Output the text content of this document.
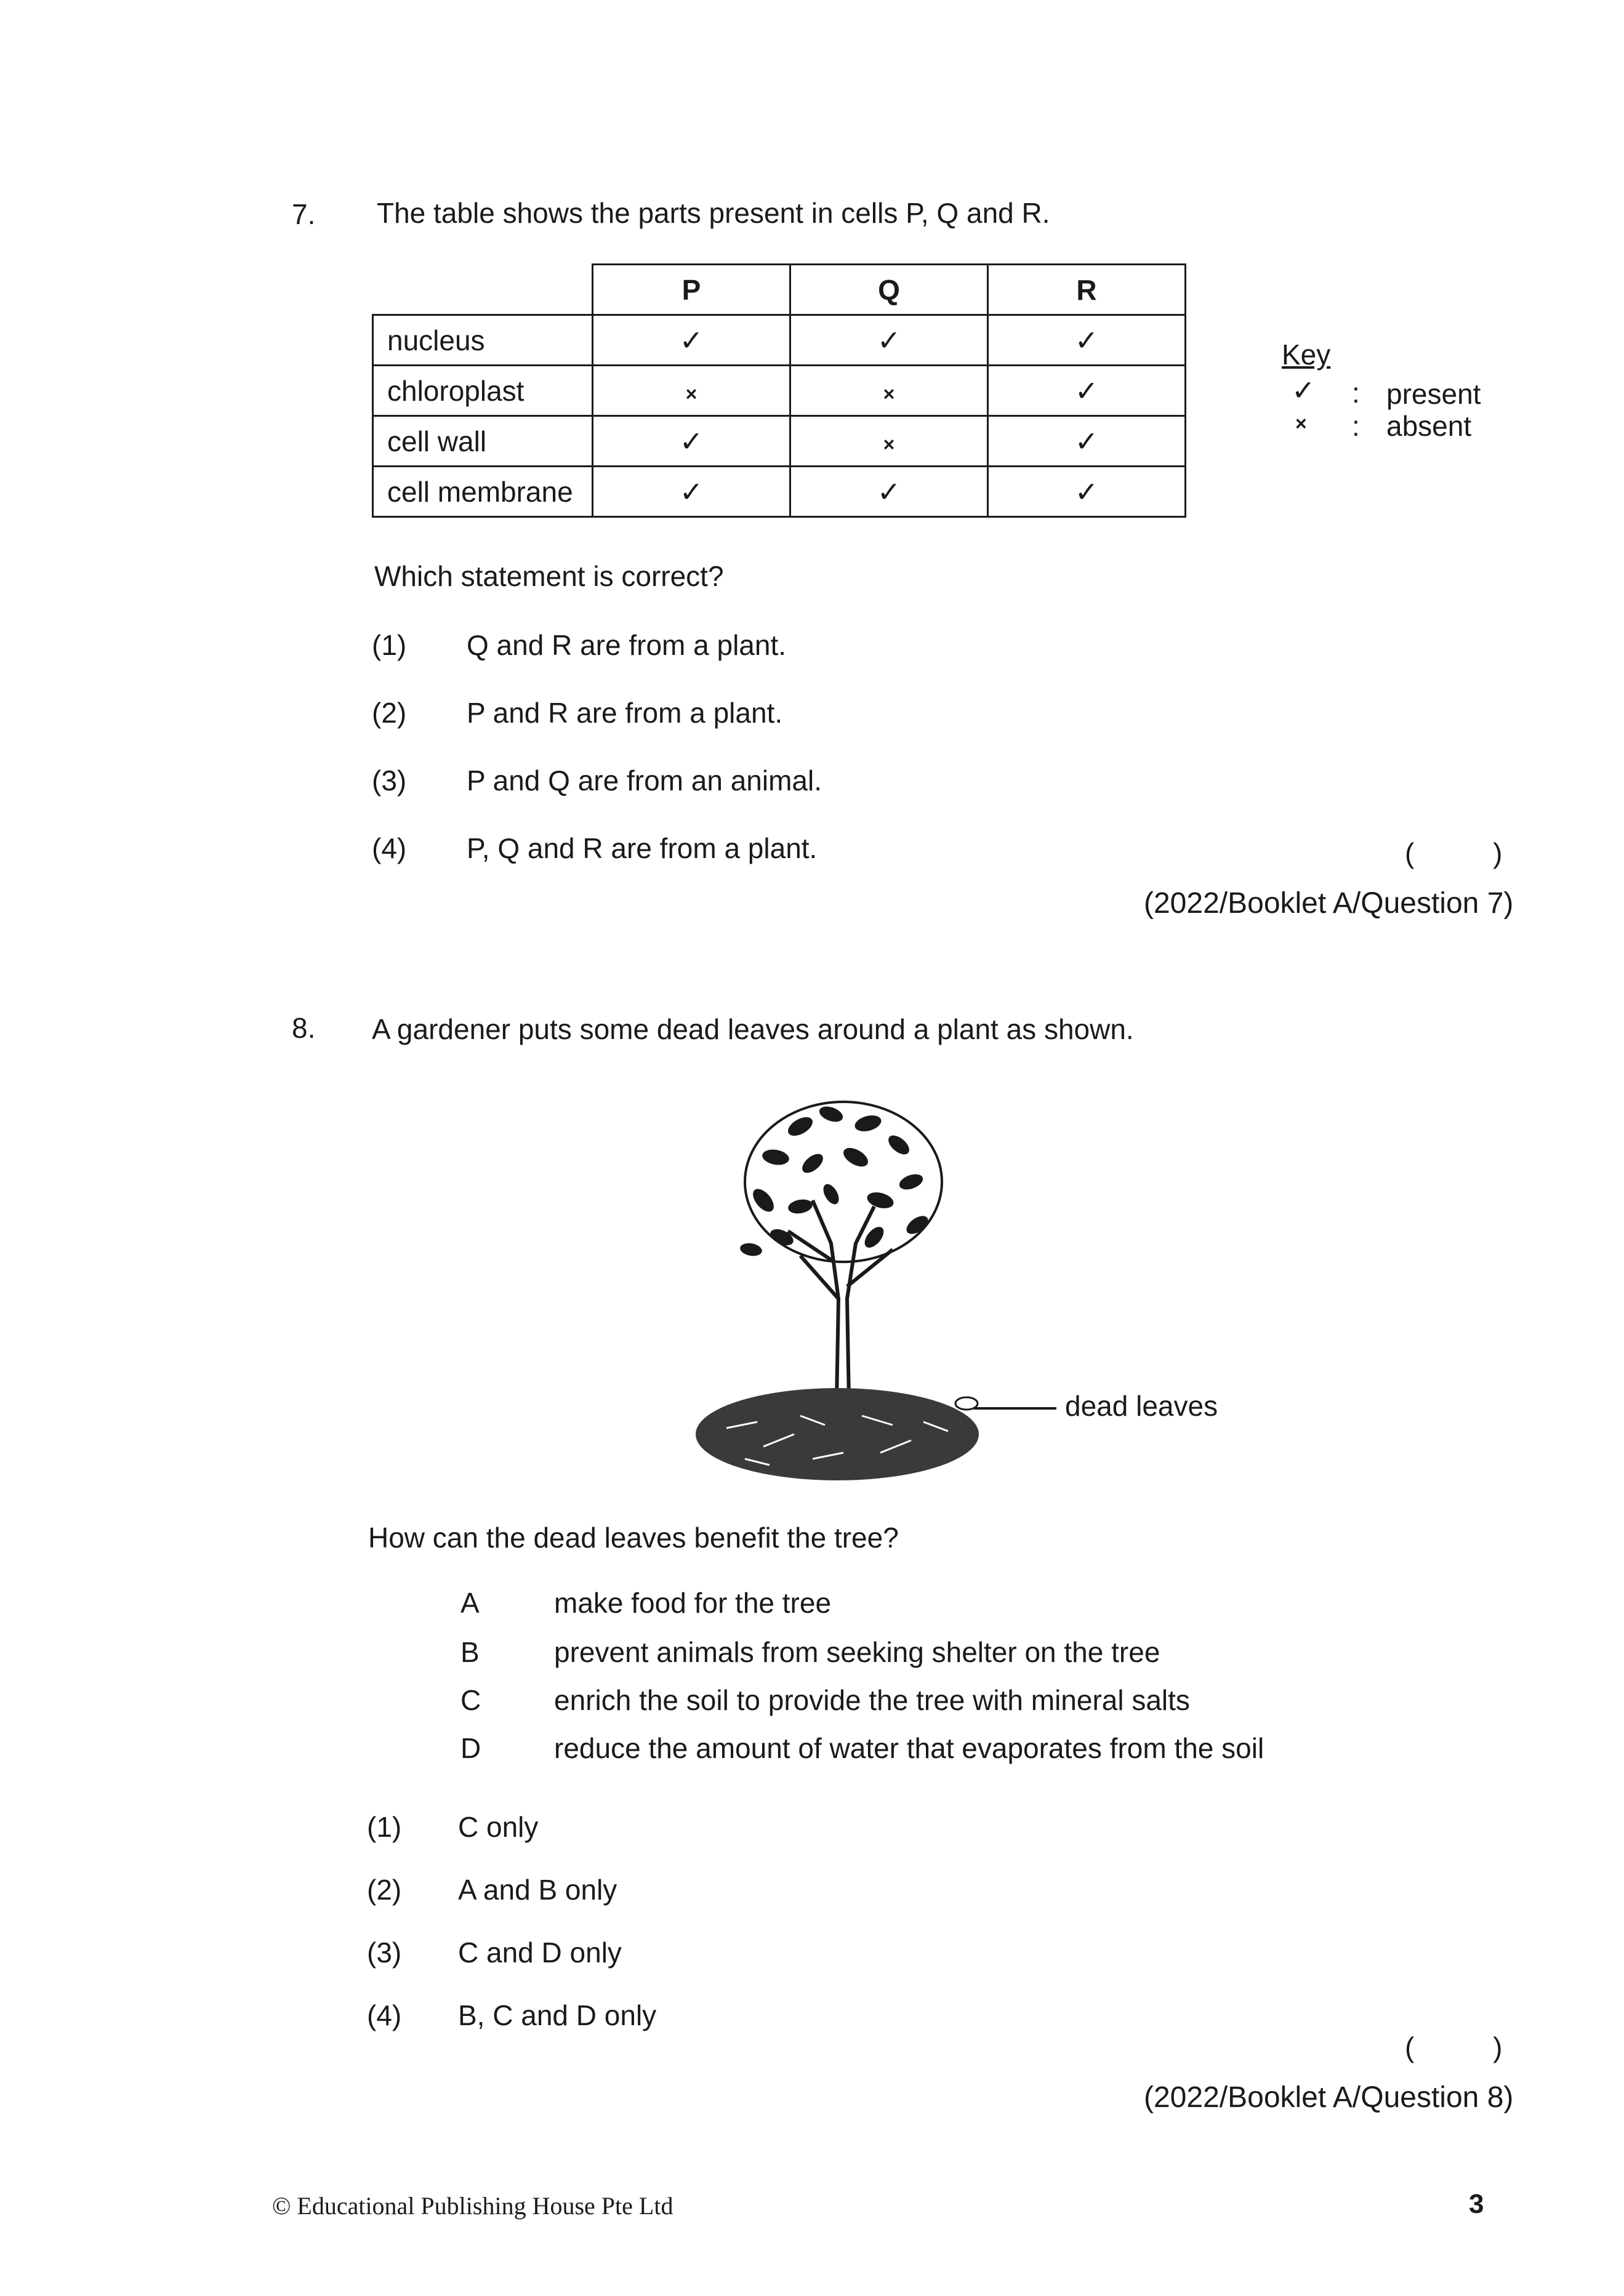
7. The table shows the parts present in cells P, Q and R.
	P	Q	R
nucleus	✓	✓	✓
chloroplast	×	×	✓
cell wall	✓	×	✓
cell membrane	✓	✓	✓
Key
✓ : present
× : absent
Which statement is correct?
(1) Q and R are from a plant.
(2) P and R are from a plant.
(3) P and Q are from an animal.
(4) P, Q and R are from a plant.	(          )
(2022/Booklet A/Question 7)
8. A gardener puts some dead leaves around a plant as shown.
dead leaves
How can the dead leaves benefit the tree?
A	make food for the tree
B	prevent animals from seeking shelter on the tree
C	enrich the soil to provide the tree with mineral salts
D	reduce the amount of water that evaporates from the soil
(1) C only
(2) A and B only
(3) C and D only
(4) B, C and D only
(          )
(2022/Booklet A/Question 8)
© Educational Publishing House Pte Ltd	3
